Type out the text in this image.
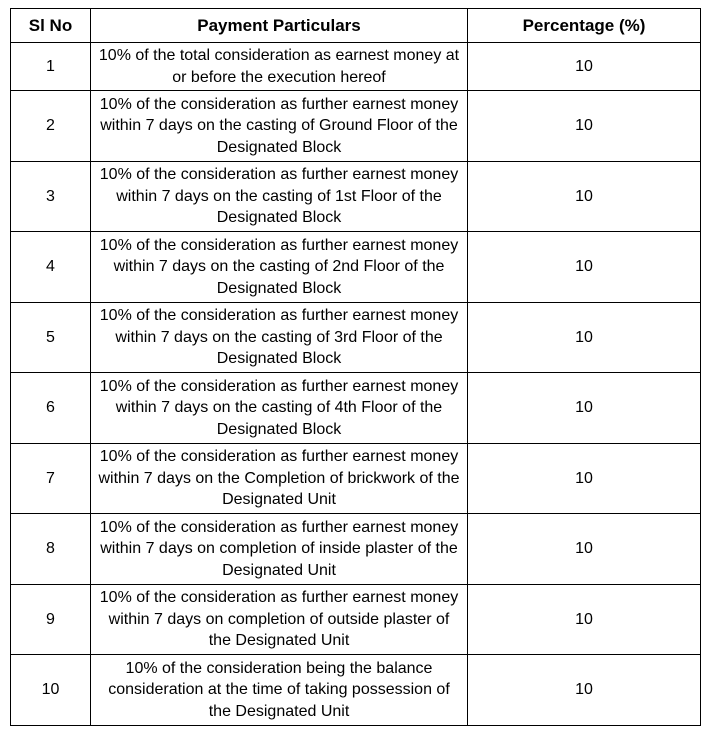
Sl No	Payment Particulars	Percentage (%)
1	10% of the total consideration as earnest money at or before the execution hereof	10
2	10% of the consideration as further earnest money within 7 days on the casting of Ground Floor of the Designated Block	10
3	10% of the consideration as further earnest money within 7 days on the casting of 1st Floor of the Designated Block	10
4	10% of the consideration as further earnest money within 7 days on the casting of 2nd Floor of the Designated Block	10
5	10% of the consideration as further earnest money within 7 days on the casting of 3rd Floor of the Designated Block	10
6	10% of the consideration as further earnest money within 7 days on the casting of 4th Floor of the Designated Block	10
7	10% of the consideration as further earnest money within 7 days on the Completion of brickwork of the Designated Unit	10
8	10% of the consideration as further earnest money within 7 days on completion of inside plaster of the Designated Unit	10
9	10% of the consideration as further earnest money within 7 days on completion of outside plaster of the Designated Unit	10
10	10% of the consideration being the balance consideration at the time of taking possession of the Designated Unit	10
